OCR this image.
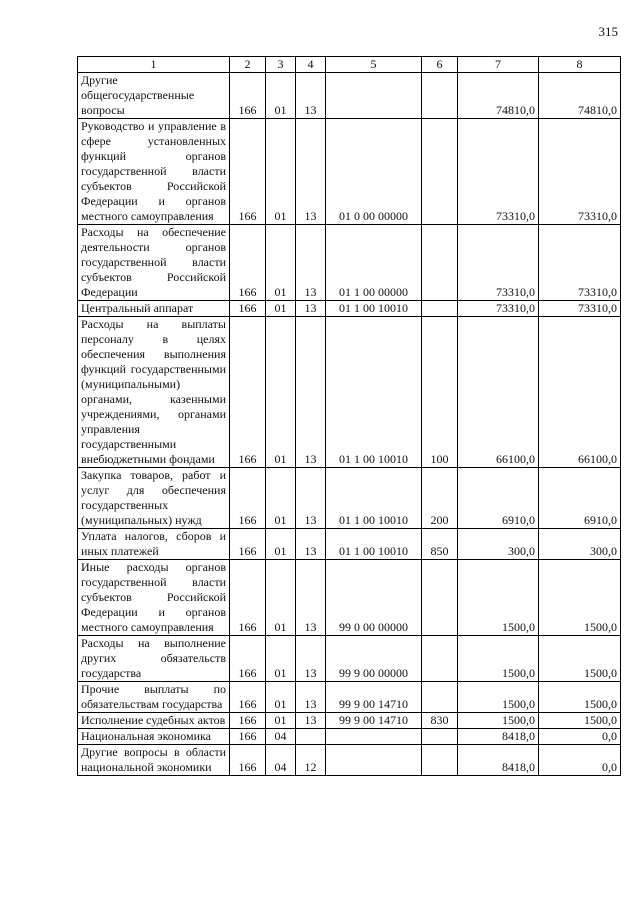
315
1	2	3	4	5	6	7	8
Другие общегосударственные вопросы	166	01	13			74810,0	74810,0
Руководство и управление в сфере установленных функций органов государственной власти субъектов Российской Федерации и органов местного самоуправления	166	01	13	01 0 00 00000		73310,0	73310,0
Расходы на обеспечение деятельности органов государственной власти субъектов Российской Федерации	166	01	13	01 1 00 00000		73310,0	73310,0
Центральный аппарат	166	01	13	01 1 00 10010		73310,0	73310,0
Расходы на выплаты персоналу в целях обеспечения выполнения функций государственными (муниципальными) органами, казенными учреждениями, органами управления государственными внебюджетными фондами	166	01	13	01 1 00 10010	100	66100,0	66100,0
Закупка товаров, работ и услуг для обеспечения государственных (муниципальных) нужд	166	01	13	01 1 00 10010	200	6910,0	6910,0
Уплата налогов, сборов и иных платежей	166	01	13	01 1 00 10010	850	300,0	300,0
Иные расходы органов государственной власти субъектов Российской Федерации и органов местного самоуправления	166	01	13	99 0 00 00000		1500,0	1500,0
Расходы на выполнение других обязательств государства	166	01	13	99 9 00 00000		1500,0	1500,0
Прочие выплаты по обязательствам государства	166	01	13	99 9 00 14710		1500,0	1500,0
Исполнение судебных актов	166	01	13	99 9 00 14710	830	1500,0	1500,0
Национальная экономика	166	04				8418,0	0,0
Другие вопросы в области национальной экономики	166	04	12			8418,0	0,0
